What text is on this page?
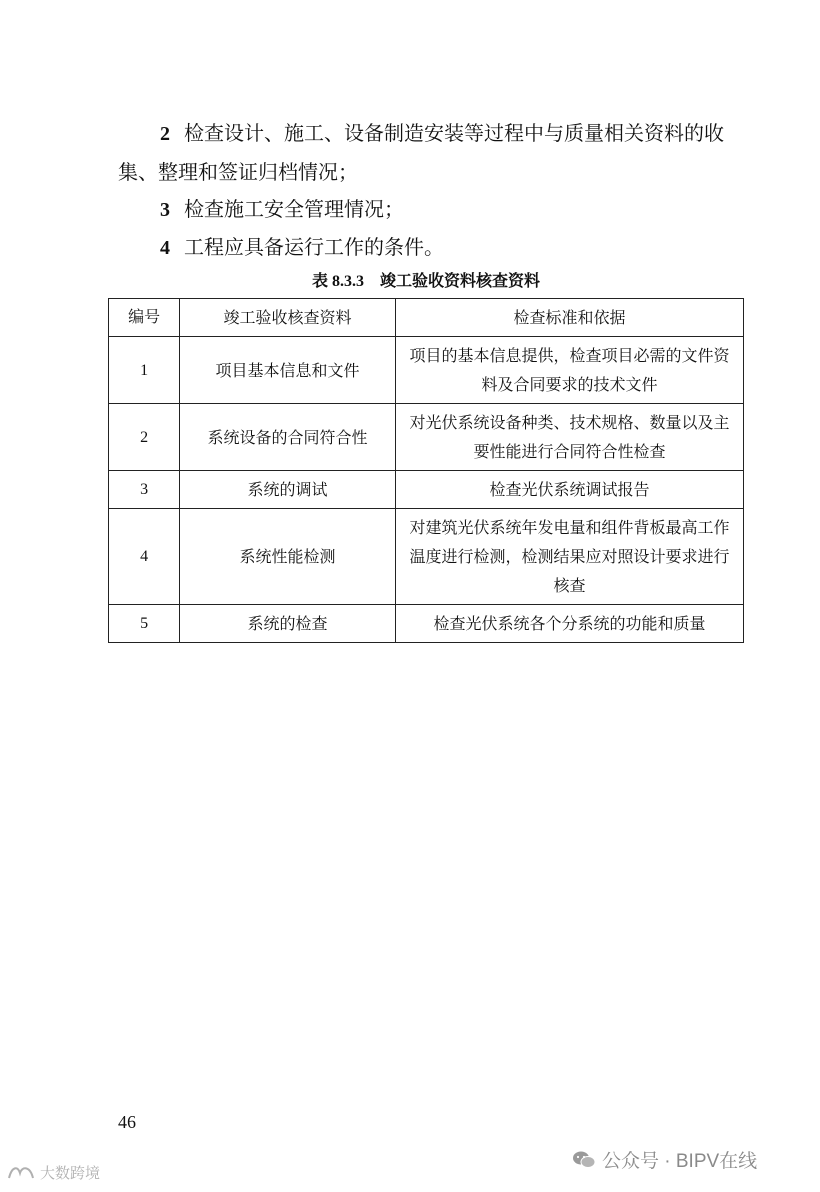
2 检查设计、施工、设备制造安装等过程中与质量相关资料的收集、整理和签证归档情况；

3 检查施工安全管理情况；

4 工程应具备运行工作的条件。

表 8.3.3 竣工验收资料核查资料
编号	竣工验收核查资料	检查标准和依据
1	项目基本信息和文件	项目的基本信息提供，检查项目必需的文件资料及合同要求的技术文件
2	系统设备的合同符合性	对光伏系统设备种类、技术规格、数量以及主要性能进行合同符合性检查
3	系统的调试	检查光伏系统调试报告
4	系统性能检测	对建筑光伏系统年发电量和组件背板最高工作温度进行检测，检测结果应对照设计要求进行核查
5	系统的检查	检查光伏系统各个分系统的功能和质量
46
公众号 · BIPV在线
大数跨境
